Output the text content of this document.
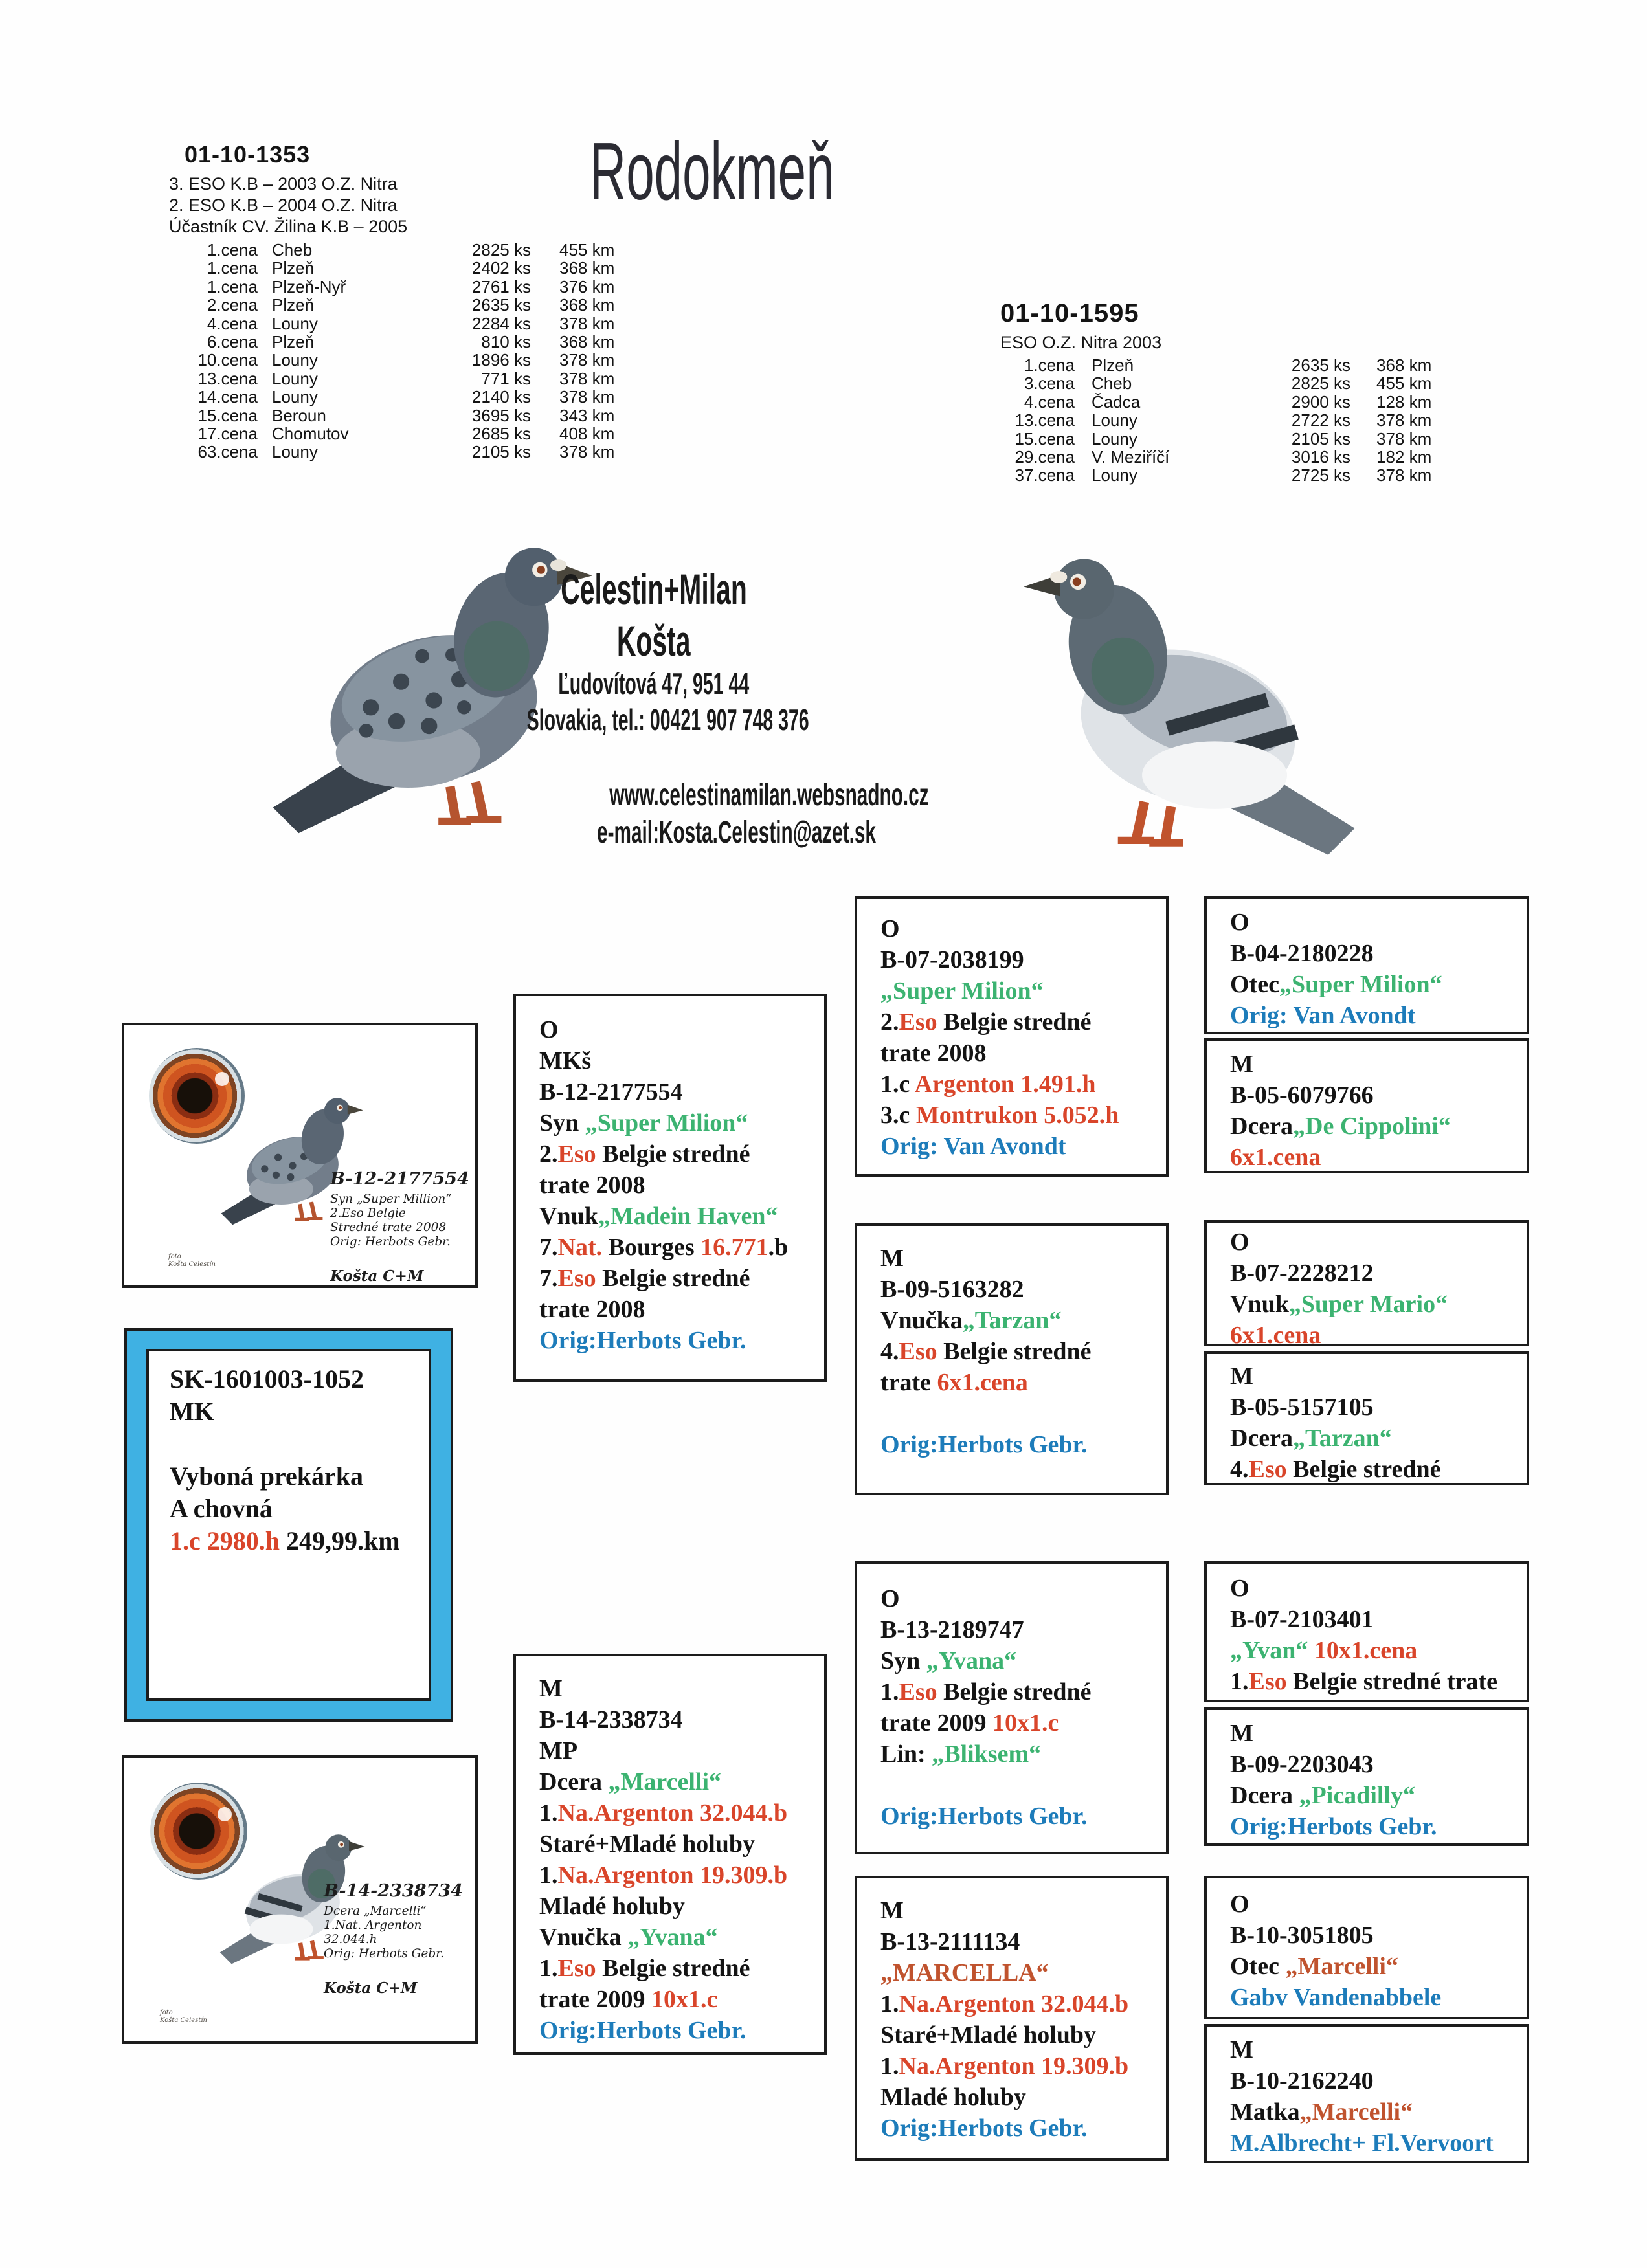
01-10-1353
3. ESO K.B – 2003 O.Z. Nitra
2. ESO K.B – 2004 O.Z. Nitra
Účastník CV. Žilina K.B – 2005
1.cena Cheb	2825 ks 455 km
1.cena Plzeň	2402 ks 368 km
1.cena Plzeň-Nyř	2761 ks 376 km
2.cena Plzeň	2635 ks 368 km
4.cena Louny	2284 ks 378 km
6.cena Plzeň	810 ks 368 km
10.cena Louny	1896 ks 378 km
13.cena Louny	771 ks 378 km
14.cena Louny	2140 ks 378 km
15.cena Beroun	3695 ks 343 km
17.cena Chomutov	2685 ks 408 km
63.cena Louny	2105 ks 378 km
01-10-1595
ESO O.Z. Nitra 2003
1.cena Plzeň	2635 ks 368 km
3.cena Cheb	2825 ks 455 km
4.cena Čadca	2900 ks 128 km
13.cena Louny	2722 ks 378 km
15.cena Louny	2105 ks 378 km
29.cena V. Meziříčí	3016 ks 182 km
37.cena Louny	2725 ks 378 km
Rodokmeň
Celestin+Milan
Košta
Ľudovítová 47, 951 44
Slovakia, tel.: 00421 907 748 376
www.celestinamilan.websnadno.cz
e-mail:Kosta.Celestin@azet.sk
B-12-2177554
Syn „Super Million“
2.Eso Belgie
Stredné trate 2008
Orig: Herbots Gebr.
Košta C+M
foto
Košta Celestín
SK-1601003-1052
MK

Vyboná prekárka
A chovná
1.c 2980.h 249,99.km
B-14-2338734
Dcera „Marcelli“
1.Nat. Argenton 32.044.h
Orig: Herbots Gebr.
Košta C+M
foto
Košta Celestín
O
MKš
B-12-2177554
Syn „Super Milion“
2.Eso Belgie stredné
trate 2008
Vnuk„Madein Haven“
7.Nat. Bourges 16.771.b
7.Eso Belgie stredné
trate 2008
Orig:Herbots Gebr.
M
B-14-2338734
MP
Dcera „Marcelli“
1.Na.Argenton 32.044.b
Staré+Mladé holuby
1.Na.Argenton 19.309.b
Mladé holuby
Vnučka „Yvana“
1.Eso Belgie stredné
trate 2009 10x1.c
Orig:Herbots Gebr.
O
B-07-2038199
„Super Milion“
2.Eso Belgie stredné
trate 2008
1.c Argenton 1.491.h
3.c Montrukon 5.052.h
Orig: Van Avondt
M
B-09-5163282
Vnučka„Tarzan“
4.Eso Belgie stredné
trate 6x1.cena

Orig:Herbots Gebr.
O
B-13-2189747
Syn „Yvana“
1.Eso Belgie stredné
trate 2009 10x1.c
Lin: „Bliksem“

Orig:Herbots Gebr.
M
B-13-2111134
„MARCELLA“
1.Na.Argenton 32.044.b
Staré+Mladé holuby
1.Na.Argenton 19.309.b
Mladé holuby
Orig:Herbots Gebr.
O
B-04-2180228
Otec„Super Milion“
Orig: Van Avondt
M
B-05-6079766
Dcera„De Cippolini“
6x1.cena
O
B-07-2228212
Vnuk„Super Mario“
6x1.cena
M
B-05-5157105
Dcera„Tarzan“
4.Eso Belgie stredné
O
B-07-2103401
„Yvan“ 10x1.cena
1.Eso Belgie stredné trate
M
B-09-2203043
Dcera „Picadilly“
Orig:Herbots Gebr.
O
B-10-3051805
Otec „Marcelli“
Gabv Vandenabbele
M
B-10-2162240
Matka„Marcelli“
M.Albrecht+ Fl.Vervoort
